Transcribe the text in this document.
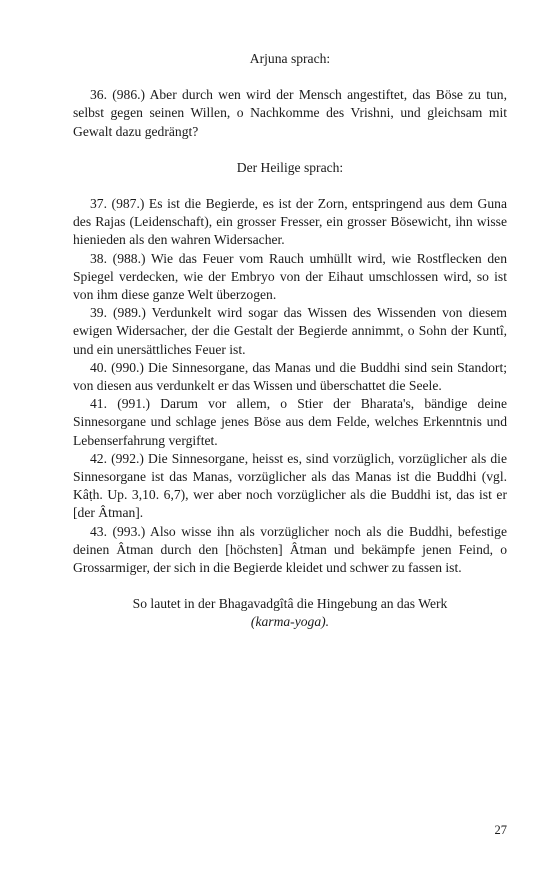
Arjuna sprach:

36. (986.) Aber durch wen wird der Mensch angestiftet, das Böse zu tun, selbst gegen seinen Willen, o Nachkomme des Vrishni, und gleichsam mit Gewalt dazu gedrängt?

Der Heilige sprach:

37. (987.) Es ist die Begierde, es ist der Zorn, entspringend aus dem Guna des Rajas (Leidenschaft), ein grosser Fresser, ein grosser Bösewicht, ihn wisse hienieden als den wahren Widersacher.

38. (988.) Wie das Feuer vom Rauch umhüllt wird, wie Rostflecken den Spiegel verdecken, wie der Embryo von der Eihaut umschlossen wird, so ist von ihm diese ganze Welt überzogen.

39. (989.) Verdunkelt wird sogar das Wissen des Wissenden von diesem ewigen Widersacher, der die Gestalt der Begierde annimmt, o Sohn der Kuntî, und ein unersättliches Feuer ist.

40. (990.) Die Sinnesorgane, das Manas und die Buddhi sind sein Standort; von diesen aus verdunkelt er das Wissen und überschattet die Seele.

41. (991.) Darum vor allem, o Stier der Bharata's, bändige deine Sinnesorgane und schlage jenes Böse aus dem Felde, welches Erkenntnis und Lebenserfahrung vergiftet.

42. (992.) Die Sinnesorgane, heisst es, sind vorzüglich, vorzüglicher als die Sinnesorgane ist das Manas, vorzüglicher als das Manas ist die Buddhi (vgl. Kâṭh. Up. 3,10. 6,7), wer aber noch vorzüglicher als die Buddhi ist, das ist er [der Âtman].

43. (993.) Also wisse ihn als vorzüglicher noch als die Buddhi, befestige deinen Âtman durch den [höchsten] Âtman und bekämpfe jenen Feind, o Grossarmiger, der sich in die Begierde kleidet und schwer zu fassen ist.

So lautet in der Bhagavadgîtâ die Hingebung an das Werk
(karma-yoga).
27
